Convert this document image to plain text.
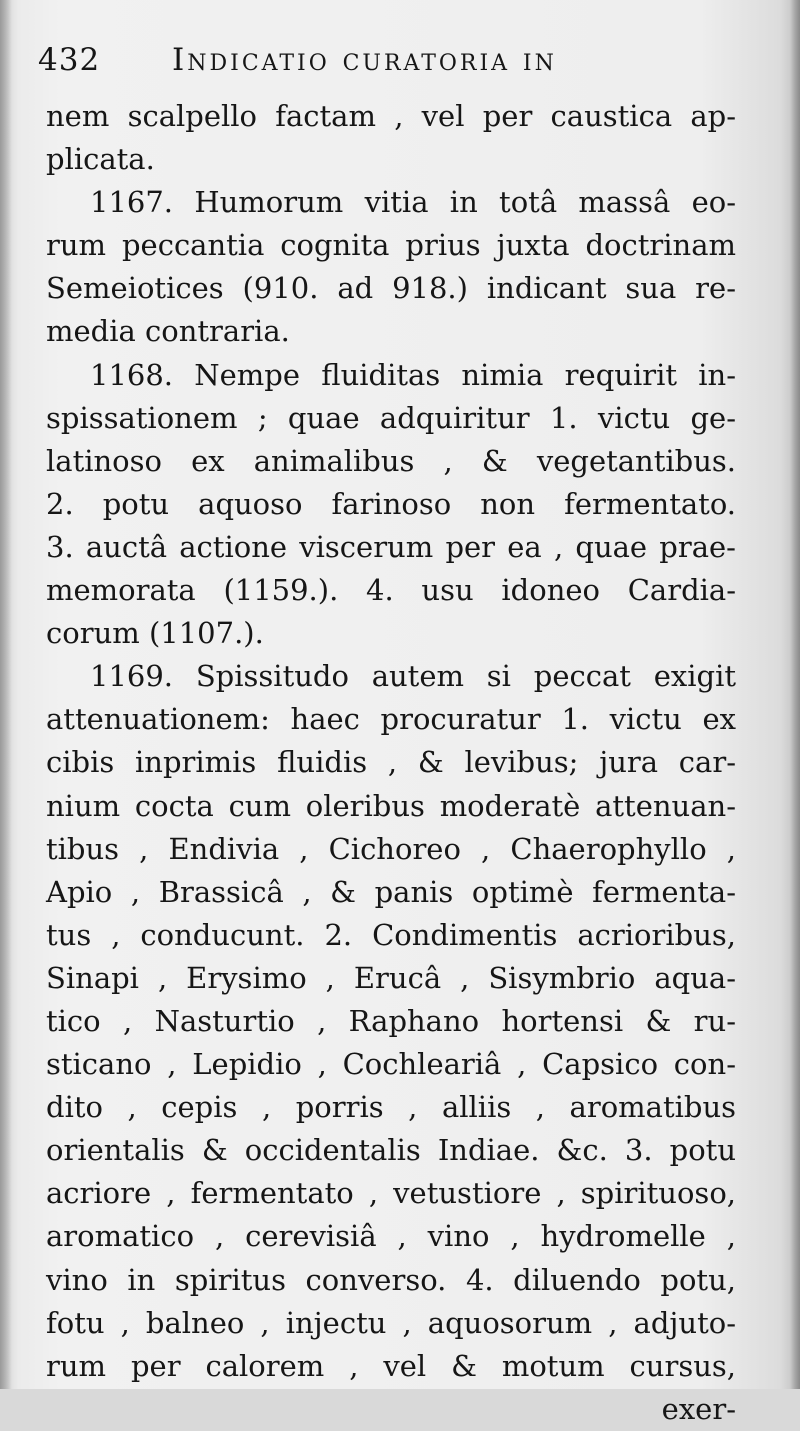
432 Indicatio curatoria in
nem scalpello factam , vel per caustica ap-
plicata.
1167. Humorum vitia in totâ massâ eo-
rum peccantia cognita prius juxta doctrinam
Semeiotices (910. ad 918.) indicant sua re-
media contraria.
1168. Nempe fluiditas nimia requirit in-
spissationem ; quae adquiritur 1. victu ge-
latinoso ex animalibus , & vegetantibus.
2. potu aquoso farinoso non fermentato.
3. auctâ actione viscerum per ea , quae prae-
memorata (1159.). 4. usu idoneo Cardia-
corum (1107.).
1169. Spissitudo autem si peccat exigit
attenuationem: haec procuratur 1. victu ex
cibis inprimis fluidis , & levibus; jura car-
nium cocta cum oleribus moderatè attenuan-
tibus , Endivia , Cichoreo , Chaerophyllo ,
Apio , Brassicâ , & panis optimè fermenta-
tus , conducunt. 2. Condimentis acrioribus,
Sinapi , Erysimo , Erucâ , Sisymbrio aqua-
tico , Nasturtio , Raphano hortensi & ru-
sticano , Lepidio , Cochleariâ , Capsico con-
dito , cepis , porris , alliis , aromatibus
orientalis & occidentalis Indiae. &c. 3. potu
acriore , fermentato , vetustiore , spirituoso,
aromatico , cerevisiâ , vino , hydromelle ,
vino in spiritus converso. 4. diluendo potu,
fotu , balneo , injectu , aquosorum , adjuto-
rum per calorem , vel & motum cursus,
exer-
